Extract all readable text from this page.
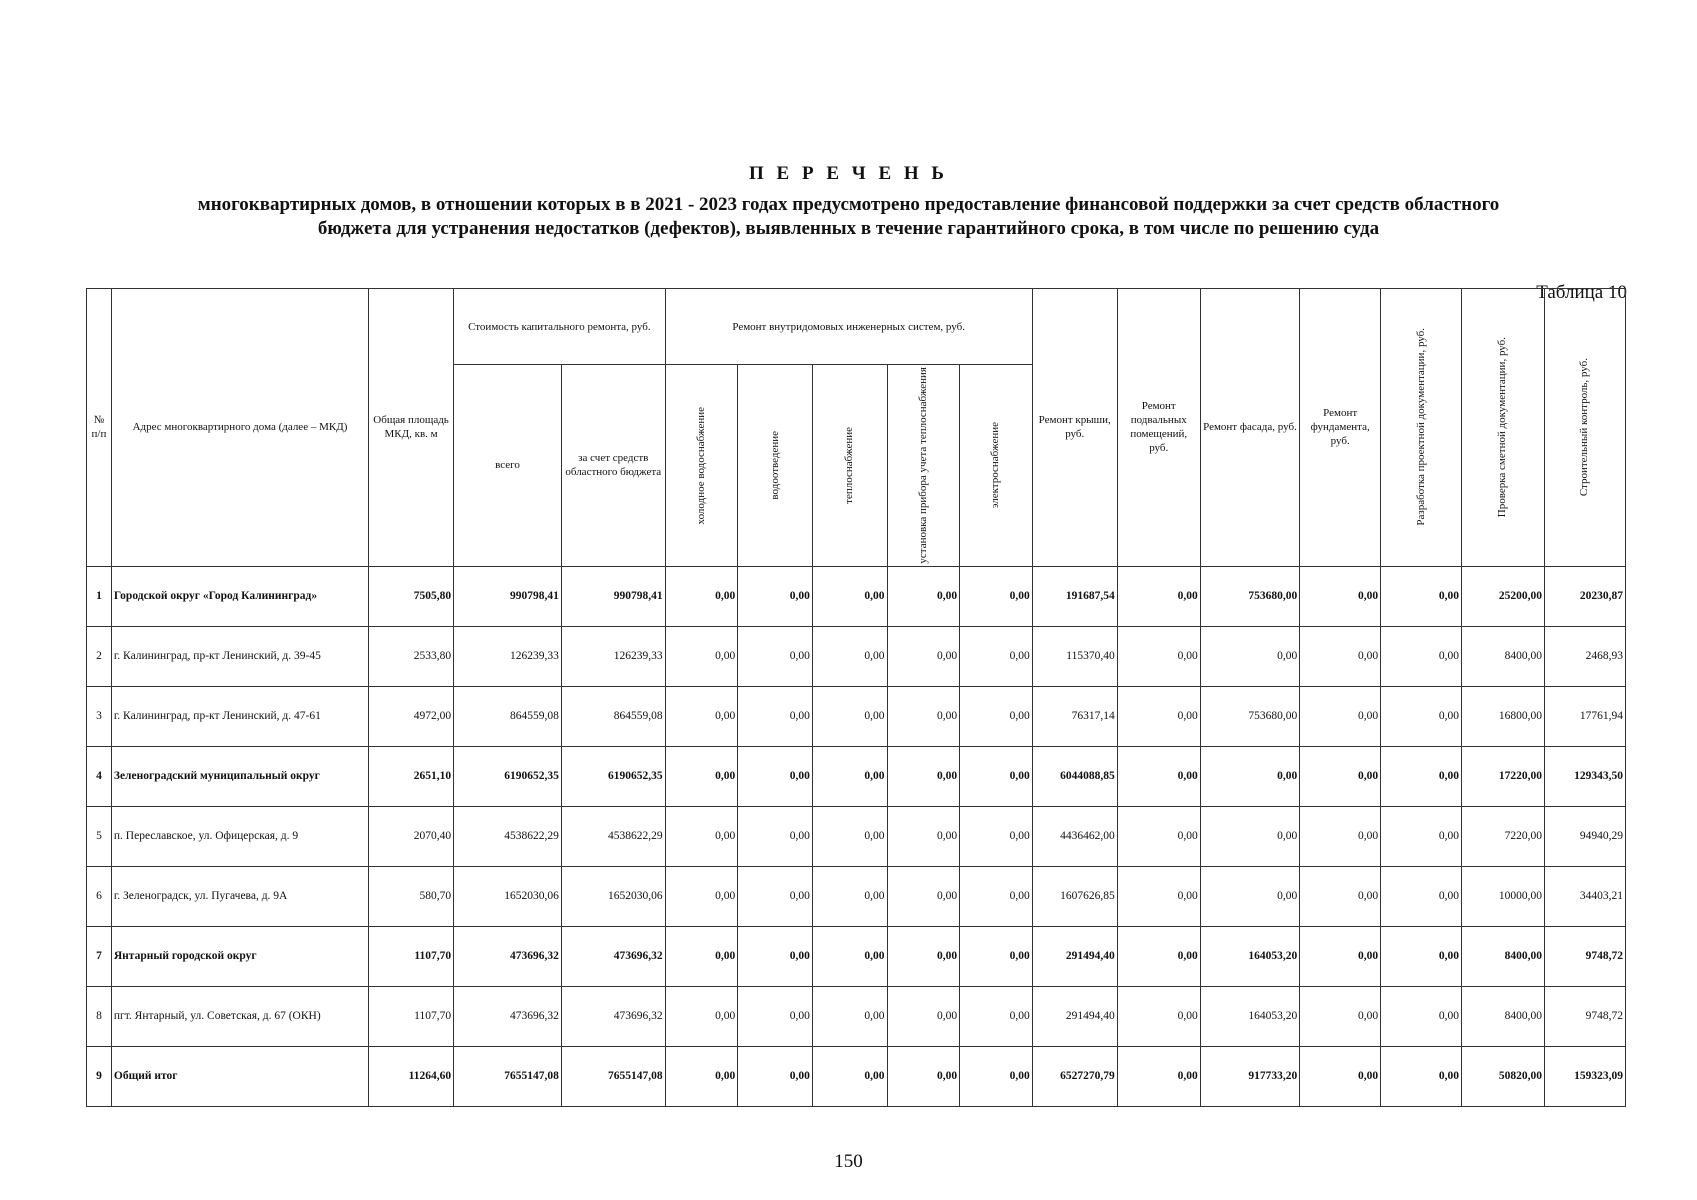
П Е Р Е Ч Е Н Ь
многоквартирных домов, в отношении которых в в 2021 - 2023 годах предусмотрено предоставление финансовой поддержки за счет средств областного
бюджета для устранения недостатков (дефектов), выявленных в течение гарантийного срока, в том числе по решению суда
Таблица 10
№ п/п	Адрес многоквартирного дома (далее – МКД)	Общая площадь МКД, кв. м	Стоимость капитального ремонта, руб.		Ремонт внутридомовых инженерных систем, руб.					Ремонт крыши, руб.	Ремонт подвальных помещений, руб.	Ремонт фасада, руб.	Ремонт фундамента, руб.	Разработка проектной документации, руб.	Проверка сметной документации, руб.	Строительный контроль, руб.

			всего	за счет средств областного бюджета	холодное водоснабжение	водоотведение	теплоснабжение	установка прибора учета теплоснабжения	электроснабжение							

1	Городской округ «Город Калининград»	7505,80	990798,41	990798,41	0,00	0,00	0,00	0,00	0,00	191687,54	0,00	753680,00	0,00	0,00	25200,00	20230,87
2	г. Калининград, пр-кт Ленинский, д. 39-45	2533,80	126239,33	126239,33	0,00	0,00	0,00	0,00	0,00	115370,40	0,00	0,00	0,00	0,00	8400,00	2468,93
3	г. Калининград, пр-кт Ленинский, д. 47-61	4972,00	864559,08	864559,08	0,00	0,00	0,00	0,00	0,00	76317,14	0,00	753680,00	0,00	0,00	16800,00	17761,94
4	Зеленоградский муниципальный округ	2651,10	6190652,35	6190652,35	0,00	0,00	0,00	0,00	0,00	6044088,85	0,00	0,00	0,00	0,00	17220,00	129343,50
5	п. Переславское, ул. Офицерская, д. 9	2070,40	4538622,29	4538622,29	0,00	0,00	0,00	0,00	0,00	4436462,00	0,00	0,00	0,00	0,00	7220,00	94940,29
6	г. Зеленоградск, ул. Пугачева, д. 9А	580,70	1652030,06	1652030,06	0,00	0,00	0,00	0,00	0,00	1607626,85	0,00	0,00	0,00	0,00	10000,00	34403,21
7	Янтарный городской округ	1107,70	473696,32	473696,32	0,00	0,00	0,00	0,00	0,00	291494,40	0,00	164053,20	0,00	0,00	8400,00	9748,72
8	пгт. Янтарный, ул. Советская, д. 67 (ОКН)	1107,70	473696,32	473696,32	0,00	0,00	0,00	0,00	0,00	291494,40	0,00	164053,20	0,00	0,00	8400,00	9748,72
9	Общий итог	11264,60	7655147,08	7655147,08	0,00	0,00	0,00	0,00	0,00	6527270,79	0,00	917733,20	0,00	0,00	50820,00	159323,09
150
